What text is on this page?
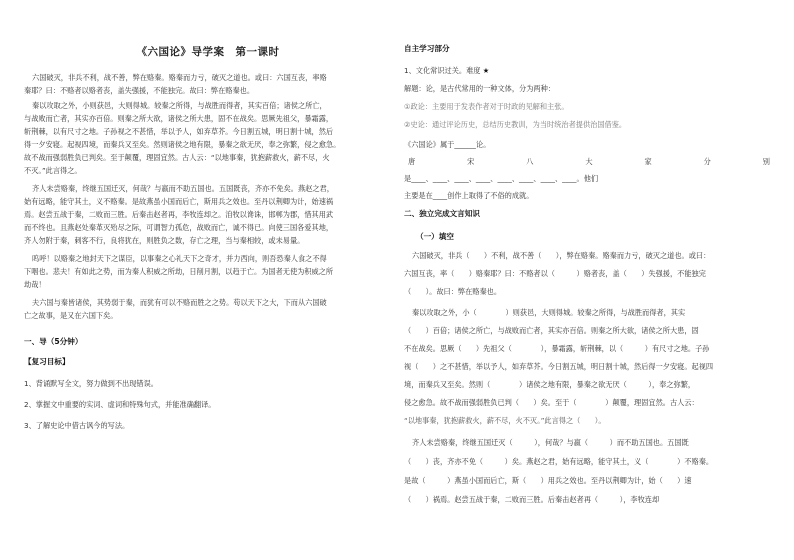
《六国论》导学案　第一课时
六国破灭，非兵不利，战不善，弊在赂秦。赂秦而力亏，破灭之道也。或曰：六国互丧，率赂
秦耶？曰：不赂者以赂者丧，盖失强援，不能独完。故曰：弊在赂秦也。
秦以攻取之外，小则获邑，大则得城。较秦之所得，与战胜而得者，其实百倍；诸侯之所亡，
与战败而亡者，其实亦百倍。则秦之所大欲，诸侯之所大患，固不在战矣。思厥先祖父，暴霜露，
斩荆棘，以有尺寸之地。子孙视之不甚惜，举以予人，如弃草芥。今日割五城，明日割十城，然后
得一夕安寝。起视四境，而秦兵又至矣。然则诸侯之地有限，暴秦之欲无厌，奉之弥繁，侵之愈急。
故不战而强弱胜负已判矣。至于颠覆，理固宜然。古人云：“以地事秦，犹抱薪救火，薪不尽，火
不灭。”此言得之。
齐人未尝赂秦，终继五国迁灭，何哉？与嬴而不助五国也。五国既丧，齐亦不免矣。燕赵之君，
始有远略，能守其土，义不赂秦。是故燕虽小国而后亡，斯用兵之效也。至丹以荆卿为计，始速祸
焉。赵尝五战于秦，二败而三胜。后秦击赵者再，李牧连却之。洎牧以谗诛，邯郸为郡，惜其用武
而不终也。且燕赵处秦革灭殆尽之际，可谓智力孤危，战败而亡，诚不得已。向使三国各爱其地，
齐人勿附于秦，刺客不行，良将犹在，则胜负之数，存亡之理，当与秦相较，或未易量。
呜呼！以赂秦之地封天下之谋臣，以事秦之心礼天下之奇才，并力西向，则吾恐秦人食之不得
下咽也。悲夫！有如此之势，而为秦人积威之所劫，日削月割，以趋于亡。为国者无使为积威之所
劫哉！
夫六国与秦皆诸侯，其势弱于秦，而犹有可以不赂而胜之之势。苟以天下之大，下而从六国破
亡之故事，是又在六国下矣。
一、导（5分钟）
【复习目标】
1、背诵默写全文，努力做到不出现错误。
2、掌握文中重要的实词、虚词和特殊句式，并能准确翻译。
3、了解史论中借古讽今的写法。
自主学习部分
1、文化常识过关。难度 ★
解题：论，是古代常用的一种文体，分为两种：
①政论：主要用于发表作者对于时政的见解和主张。
②史论：通过评论历史，总结历史教训，为当时统治者提供治国借鉴。
《六国论》属于______论。
唐	宋	八	大	家	分	别
是____、____、____、____、____、____、____、____。他们
主要是在____创作上取得了不俗的成就。
二、独立完成文言知识
（一）填空
六国破灭，非兵（　　）不利，战不善（　　），弊在赂秦。赂秦而力亏，破灭之道也。或曰：
六国互丧，率（　　）赂秦耶？曰：不赂者以（　　　）赂者丧，盖（　　）失强援，不能独完
（　　）。故曰：弊在赂秦也。
秦以攻取之外，小（　　　　）则获邑，大则得城。较秦之所得，与战胜而得者，其实
（　　）百倍；诸侯之所亡，与战败而亡者，其实亦百倍。则秦之所大欲，诸侯之所大患，固
不在战矣。思厥（　　）先祖父（　　　　），暴霜露，斩荆棘，以（　　　）有尺寸之地。子孙
视（　　）之不甚惜，举以予人，如弃草芥。今日割五城，明日割十城，然后得一夕安寝。起视四
境，而秦兵又至矣。然则（　　　　）诸侯之地有限，暴秦之欲无厌（　　　），奉之弥繁，
侵之愈急。故不战而强弱胜负已判（　　）矣。至于（　　　　）颠覆，理固宜然。古人云：
“以地事秦，犹抱薪救火，薪不尽，火不灭。”此言得之（　　）。
齐人未尝赂秦，终继五国迁灭（　　　），何哉？与嬴（　　　）而不助五国也。五国既
（　　）丧，齐亦不免（　　　）矣。燕赵之君，始有远略，能守其土，义（　　　　）不赂秦。
是故（　　　）燕虽小国而后亡，斯（　　）用兵之效也。至丹以荆卿为计，始（　　）速
（　　）祸焉。赵尝五战于秦，二败而三胜。后秦击赵者再（　　　），李牧连却
